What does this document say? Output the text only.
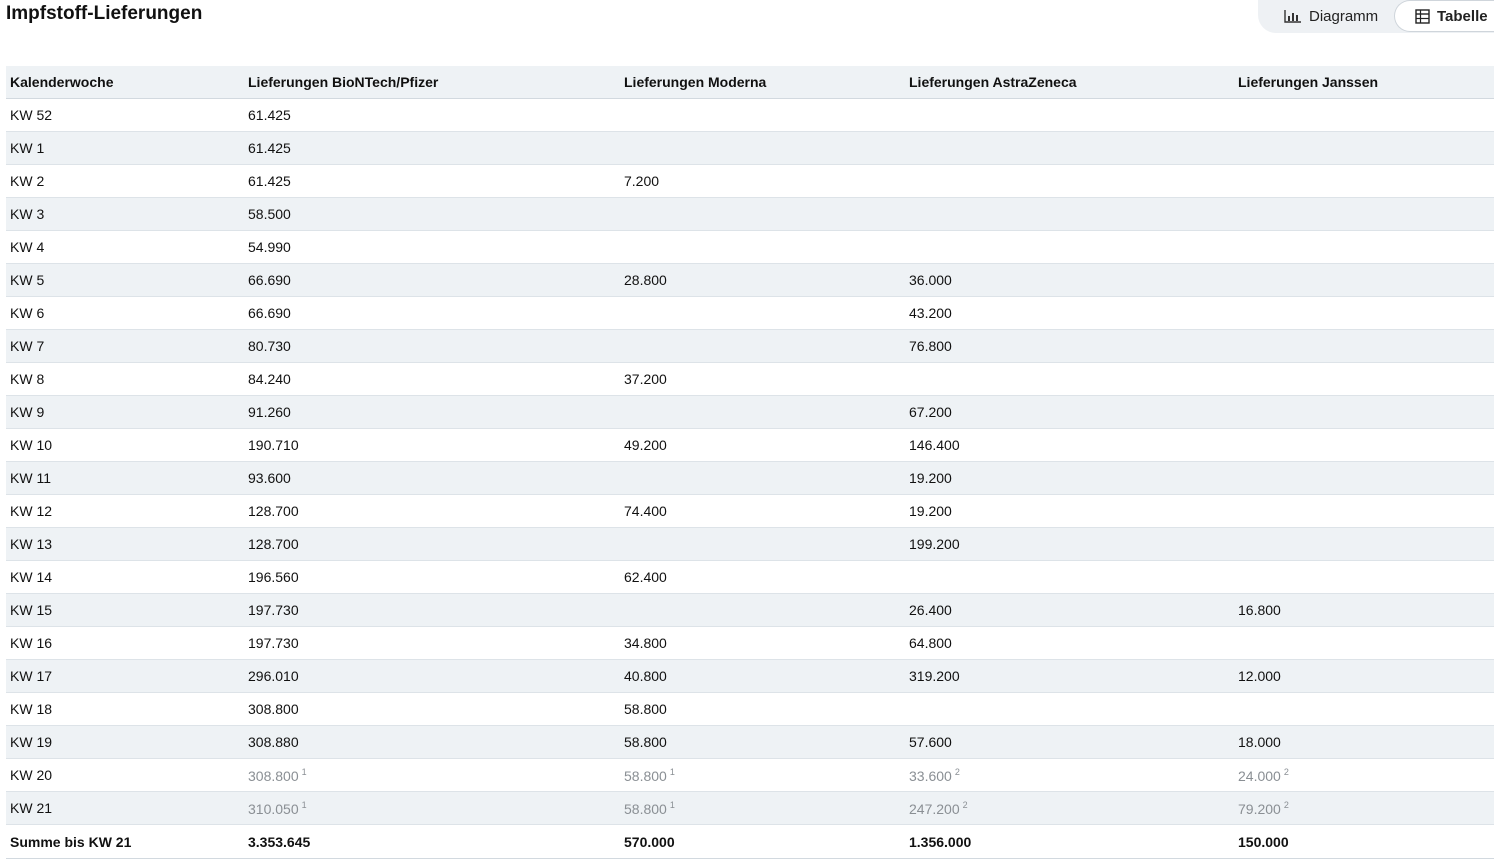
Impfstoff-Lieferungen	Diagramm	Tabelle
Kalenderwoche	Lieferungen BioNTech/Pfizer	Lieferungen Moderna	Lieferungen AstraZeneca	Lieferungen Janssen
KW 52	61.425			
KW 1	61.425			
KW 2	61.425	7.200		
KW 3	58.500			
KW 4	54.990			
KW 5	66.690	28.800	36.000	
KW 6	66.690		43.200	
KW 7	80.730		76.800	
KW 8	84.240	37.200		
KW 9	91.260		67.200	
KW 10	190.710	49.200	146.400	
KW 11	93.600		19.200	
KW 12	128.700	74.400	19.200	
KW 13	128.700		199.200	
KW 14	196.560	62.400		
KW 15	197.730		26.400	16.800
KW 16	197.730	34.800	64.800	
KW 17	296.010	40.800	319.200	12.000
KW 18	308.800	58.800		
KW 19	308.880	58.800	57.600	18.000
KW 20	308.800 $^1$	58.800 $^1$	33.600 $^2$	24.000 $^2$
KW 21	310.050 $^1$	58.800 $^1$	247.200 $^2$	79.200 $^2$
Summe bis KW 21	3.353.645	570.000	1.356.000	150.000
